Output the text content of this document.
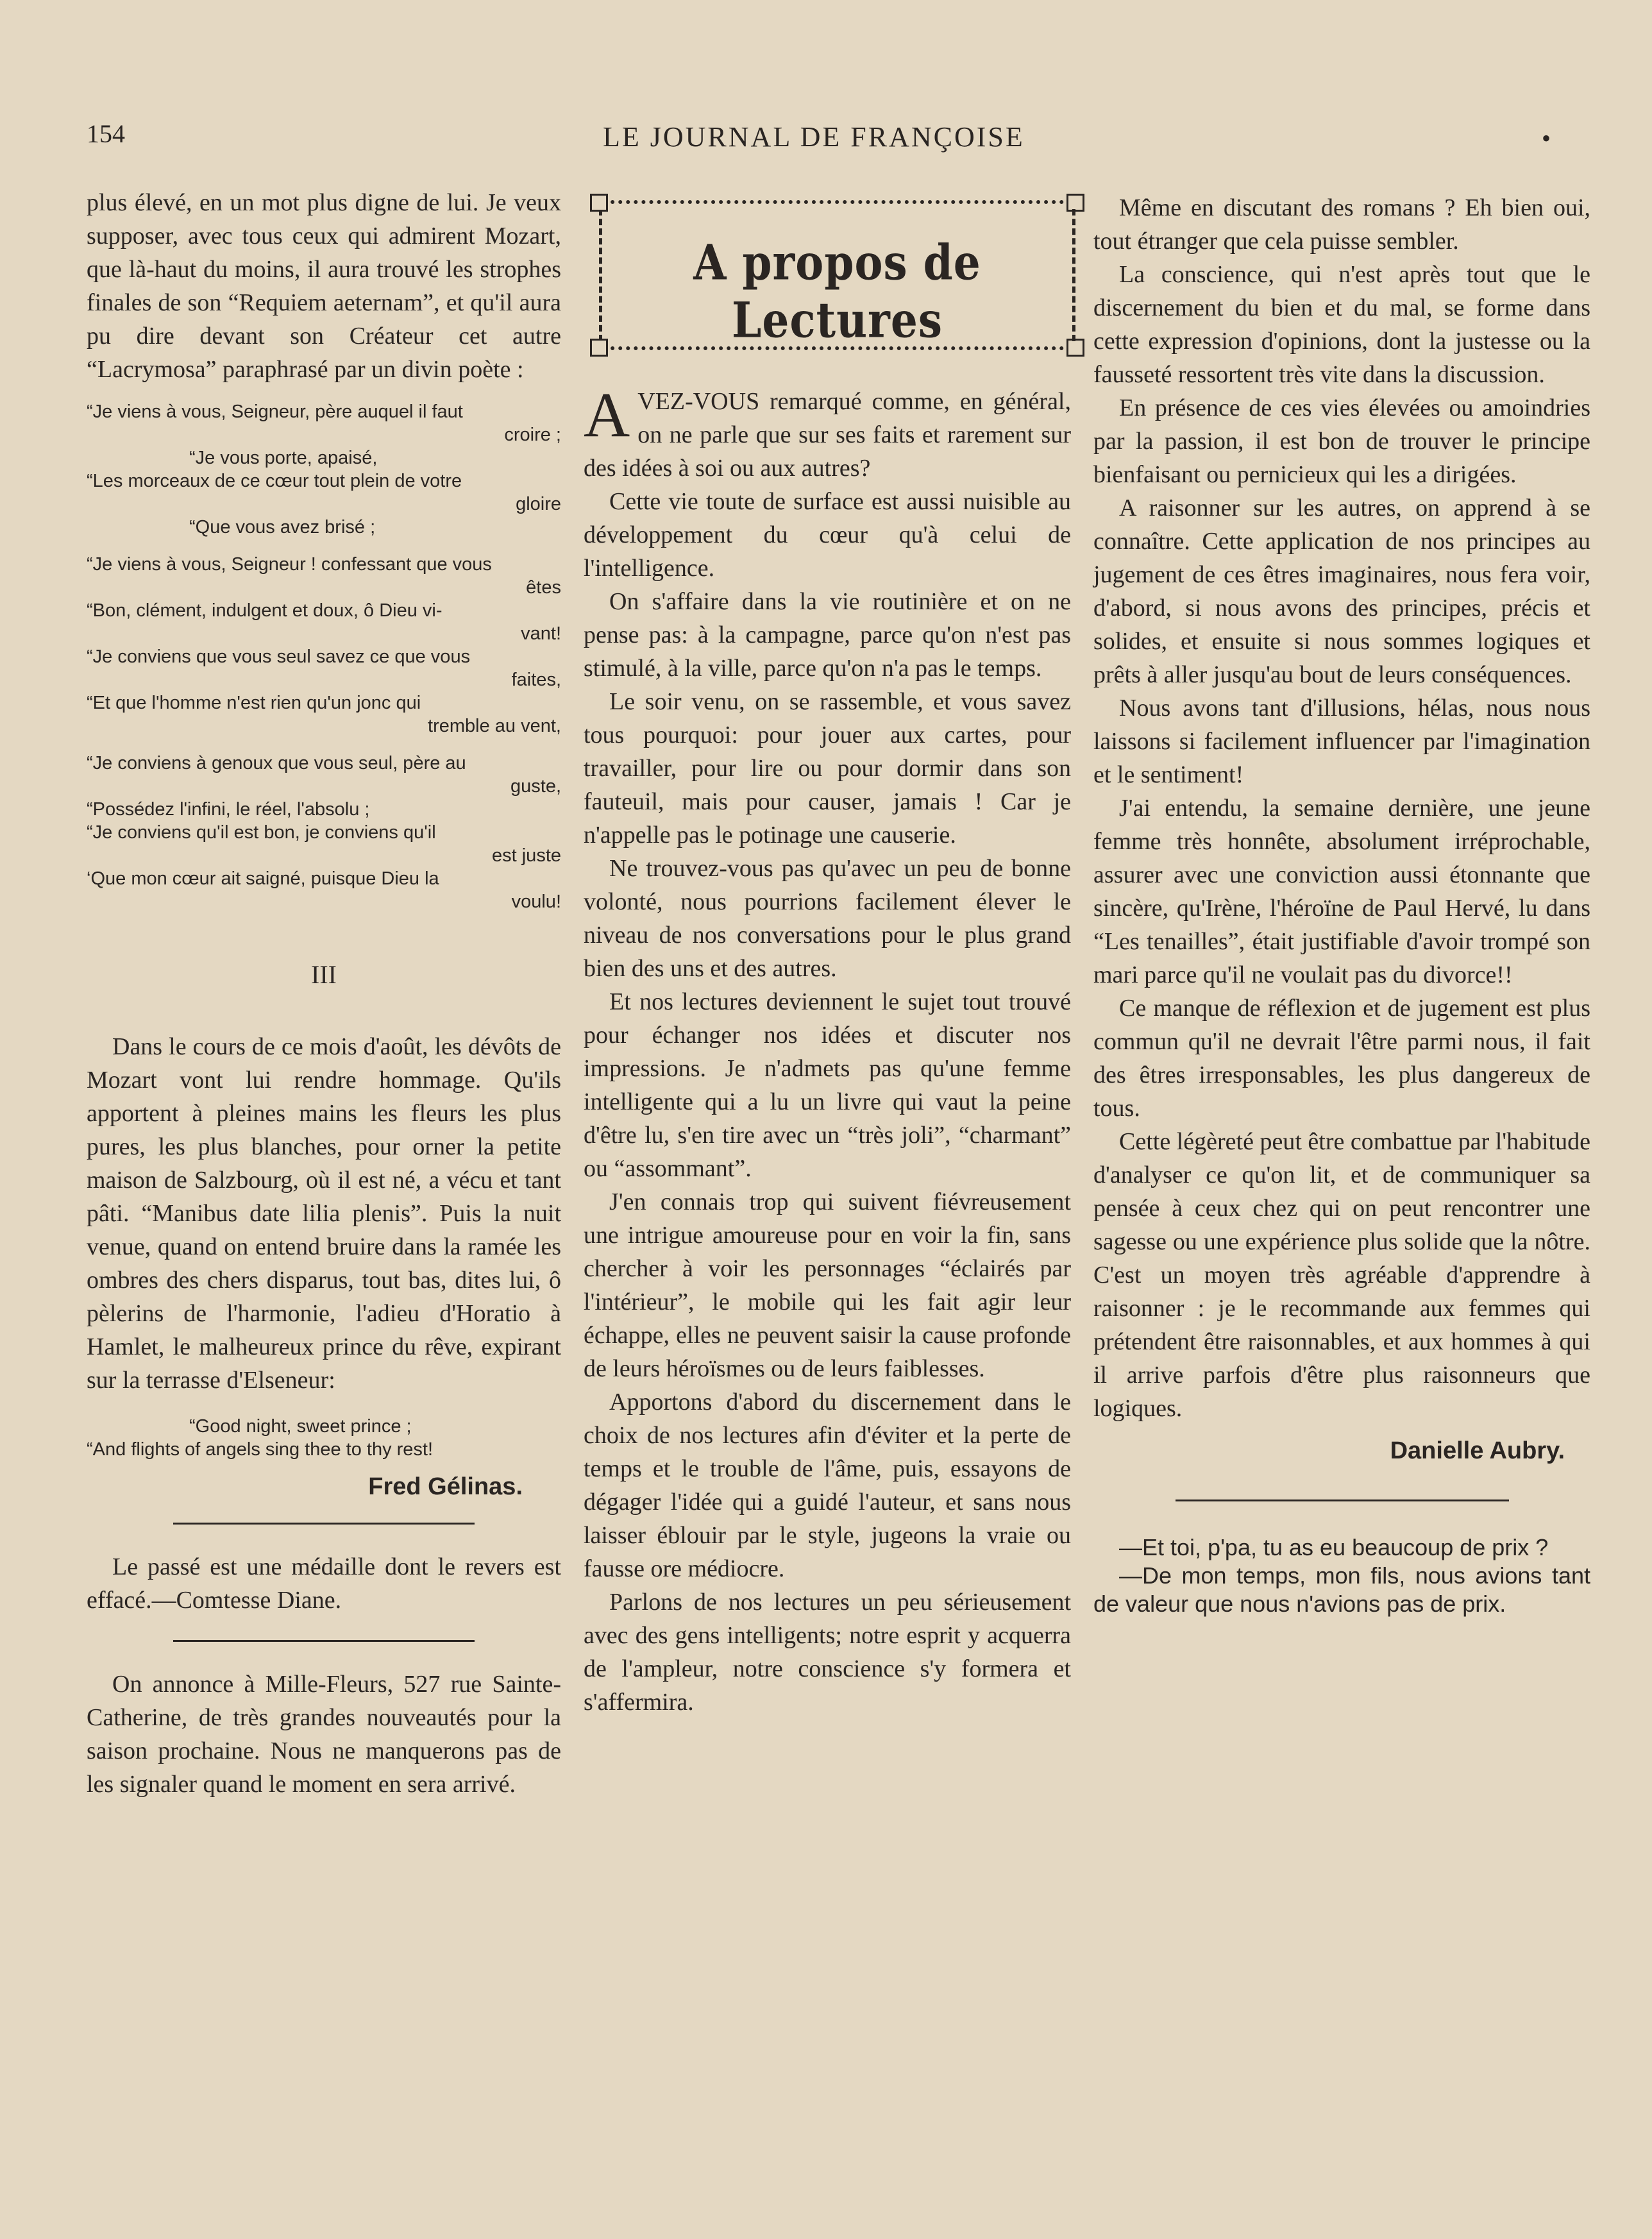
154	LE JOURNAL DE FRANÇOISE	•

plus élevé, en un mot plus digne de lui. Je veux supposer, avec tous ceux qui admirent Mozart, que là-haut du moins, il aura trouvé les strophes finales de son “Requiem aeternam”, et qu'il aura pu dire devant son Créateur cet autre “Lacrymosa” paraphrasé par un divin poète :

“Je viens à vous, Seigneur, père auquel il faut
croire ;
“Je vous porte, apaisé,
“Les morceaux de ce cœur tout plein de votre
gloire
“Que vous avez brisé ;
“Je viens à vous, Seigneur ! confessant que vous
êtes
“Bon, clément, indulgent et doux, ô Dieu vi-
vant!
“Je conviens que vous seul savez ce que vous
faites,
“Et que l'homme n'est rien qu'un jonc qui
tremble au vent,
“Je conviens à genoux que vous seul, père au
guste,
“Possédez l'infini, le réel, l'absolu ;
“Je conviens qu'il est bon, je conviens qu'il
est juste
‘Que mon cœur ait saigné, puisque Dieu la
voulu!
III

Dans le cours de ce mois d'août, les dévôts de Mozart vont lui rendre hommage. Qu'ils apportent à pleines mains les fleurs les plus pures, les plus blanches, pour orner la petite maison de Salzbourg, où il est né, a vécu et tant pâti. “Manibus date lilia plenis”. Puis la nuit venue, quand on entend bruire dans la ramée les ombres des chers disparus, tout bas, dites lui, ô pèlerins de l'harmonie, l'adieu d'Horatio à Hamlet, le malheureux prince du rêve, expirant sur la terrasse d'Elseneur:

“Good night, sweet prince ;
“And flights of angels sing thee to thy rest!
Fred Gélinas.

Le passé est une médaille dont le revers est effacé.—Comtesse Diane.

On annonce à Mille-Fleurs, 527 rue Sainte-Catherine, de très grandes nouveautés pour la saison prochaine. Nous ne manquerons pas de les signaler quand le moment en sera arrivé.

A propos de Lectures

AVEZ-VOUS remarqué comme, en général, on ne parle que sur ses faits et rarement sur des idées à soi ou aux autres?

Cette vie toute de surface est aussi nuisible au développement du cœur qu'à celui de l'intelligence.

On s'affaire dans la vie routinière et on ne pense pas: à la campagne, parce qu'on n'est pas stimulé, à la ville, parce qu'on n'a pas le temps.

Le soir venu, on se rassemble, et vous savez tous pourquoi: pour jouer aux cartes, pour travailler, pour lire ou pour dormir dans son fauteuil, mais pour causer, jamais ! Car je n'appelle pas le potinage une causerie.

Ne trouvez-vous pas qu'avec un peu de bonne volonté, nous pourrions facilement élever le niveau de nos conversations pour le plus grand bien des uns et des autres.

Et nos lectures deviennent le sujet tout trouvé pour échanger nos idées et discuter nos impressions. Je n'admets pas qu'une femme intelligente qui a lu un livre qui vaut la peine d'être lu, s'en tire avec un “très joli”, “charmant” ou “assommant”.

J'en connais trop qui suivent fiévreusement une intrigue amoureuse pour en voir la fin, sans chercher à voir les personnages “éclairés par l'intérieur”, le mobile qui les fait agir leur échappe, elles ne peuvent saisir la cause profonde de leurs héroïsmes ou de leurs faiblesses.

Apportons d'abord du discernement dans le choix de nos lectures afin d'éviter et la perte de temps et le trouble de l'âme, puis, essayons de dégager l'idée qui a guidé l'auteur, et sans nous laisser éblouir par le style, jugeons la vraie ou fausse ore médiocre.

Parlons de nos lectures un peu sérieusement avec des gens intelligents; notre esprit y acquerra de l'ampleur, notre conscience s'y formera et s'affermira.

Même en discutant des romans ? Eh bien oui, tout étranger que cela puisse sembler.

La conscience, qui n'est après tout que le discernement du bien et du mal, se forme dans cette expression d'opinions, dont la justesse ou la fausseté ressortent très vite dans la discussion.

En présence de ces vies élevées ou amoindries par la passion, il est bon de trouver le principe bienfaisant ou pernicieux qui les a dirigées.

A raisonner sur les autres, on apprend à se connaître. Cette application de nos principes au jugement de ces êtres imaginaires, nous fera voir, d'abord, si nous avons des principes, précis et solides, et ensuite si nous sommes logiques et prêts à aller jusqu'au bout de leurs conséquences.

Nous avons tant d'illusions, hélas, nous nous laissons si facilement influencer par l'imagination et le sentiment!

J'ai entendu, la semaine dernière, une jeune femme très honnête, absolument irréprochable, assurer avec une conviction aussi étonnante que sincère, qu'Irène, l'héroïne de Paul Hervé, lu dans “Les tenailles”, était justifiable d'avoir trompé son mari parce qu'il ne voulait pas du divorce!!

Ce manque de réflexion et de jugement est plus commun qu'il ne devrait l'être parmi nous, il fait des êtres irresponsables, les plus dangereux de tous.

Cette légèreté peut être combattue par l'habitude d'analyser ce qu'on lit, et de communiquer sa pensée à ceux chez qui on peut rencontrer une sagesse ou une expérience plus solide que la nôtre. C'est un moyen très agréable d'apprendre à raisonner : je le recommande aux femmes qui prétendent être raisonnables, et aux hommes à qui il arrive parfois d'être plus raisonneurs que logiques.

Danielle Aubry.

—Et toi, p'pa, tu as eu beaucoup de prix ?

—De mon temps, mon fils, nous avions tant de valeur que nous n'avions pas de prix.
